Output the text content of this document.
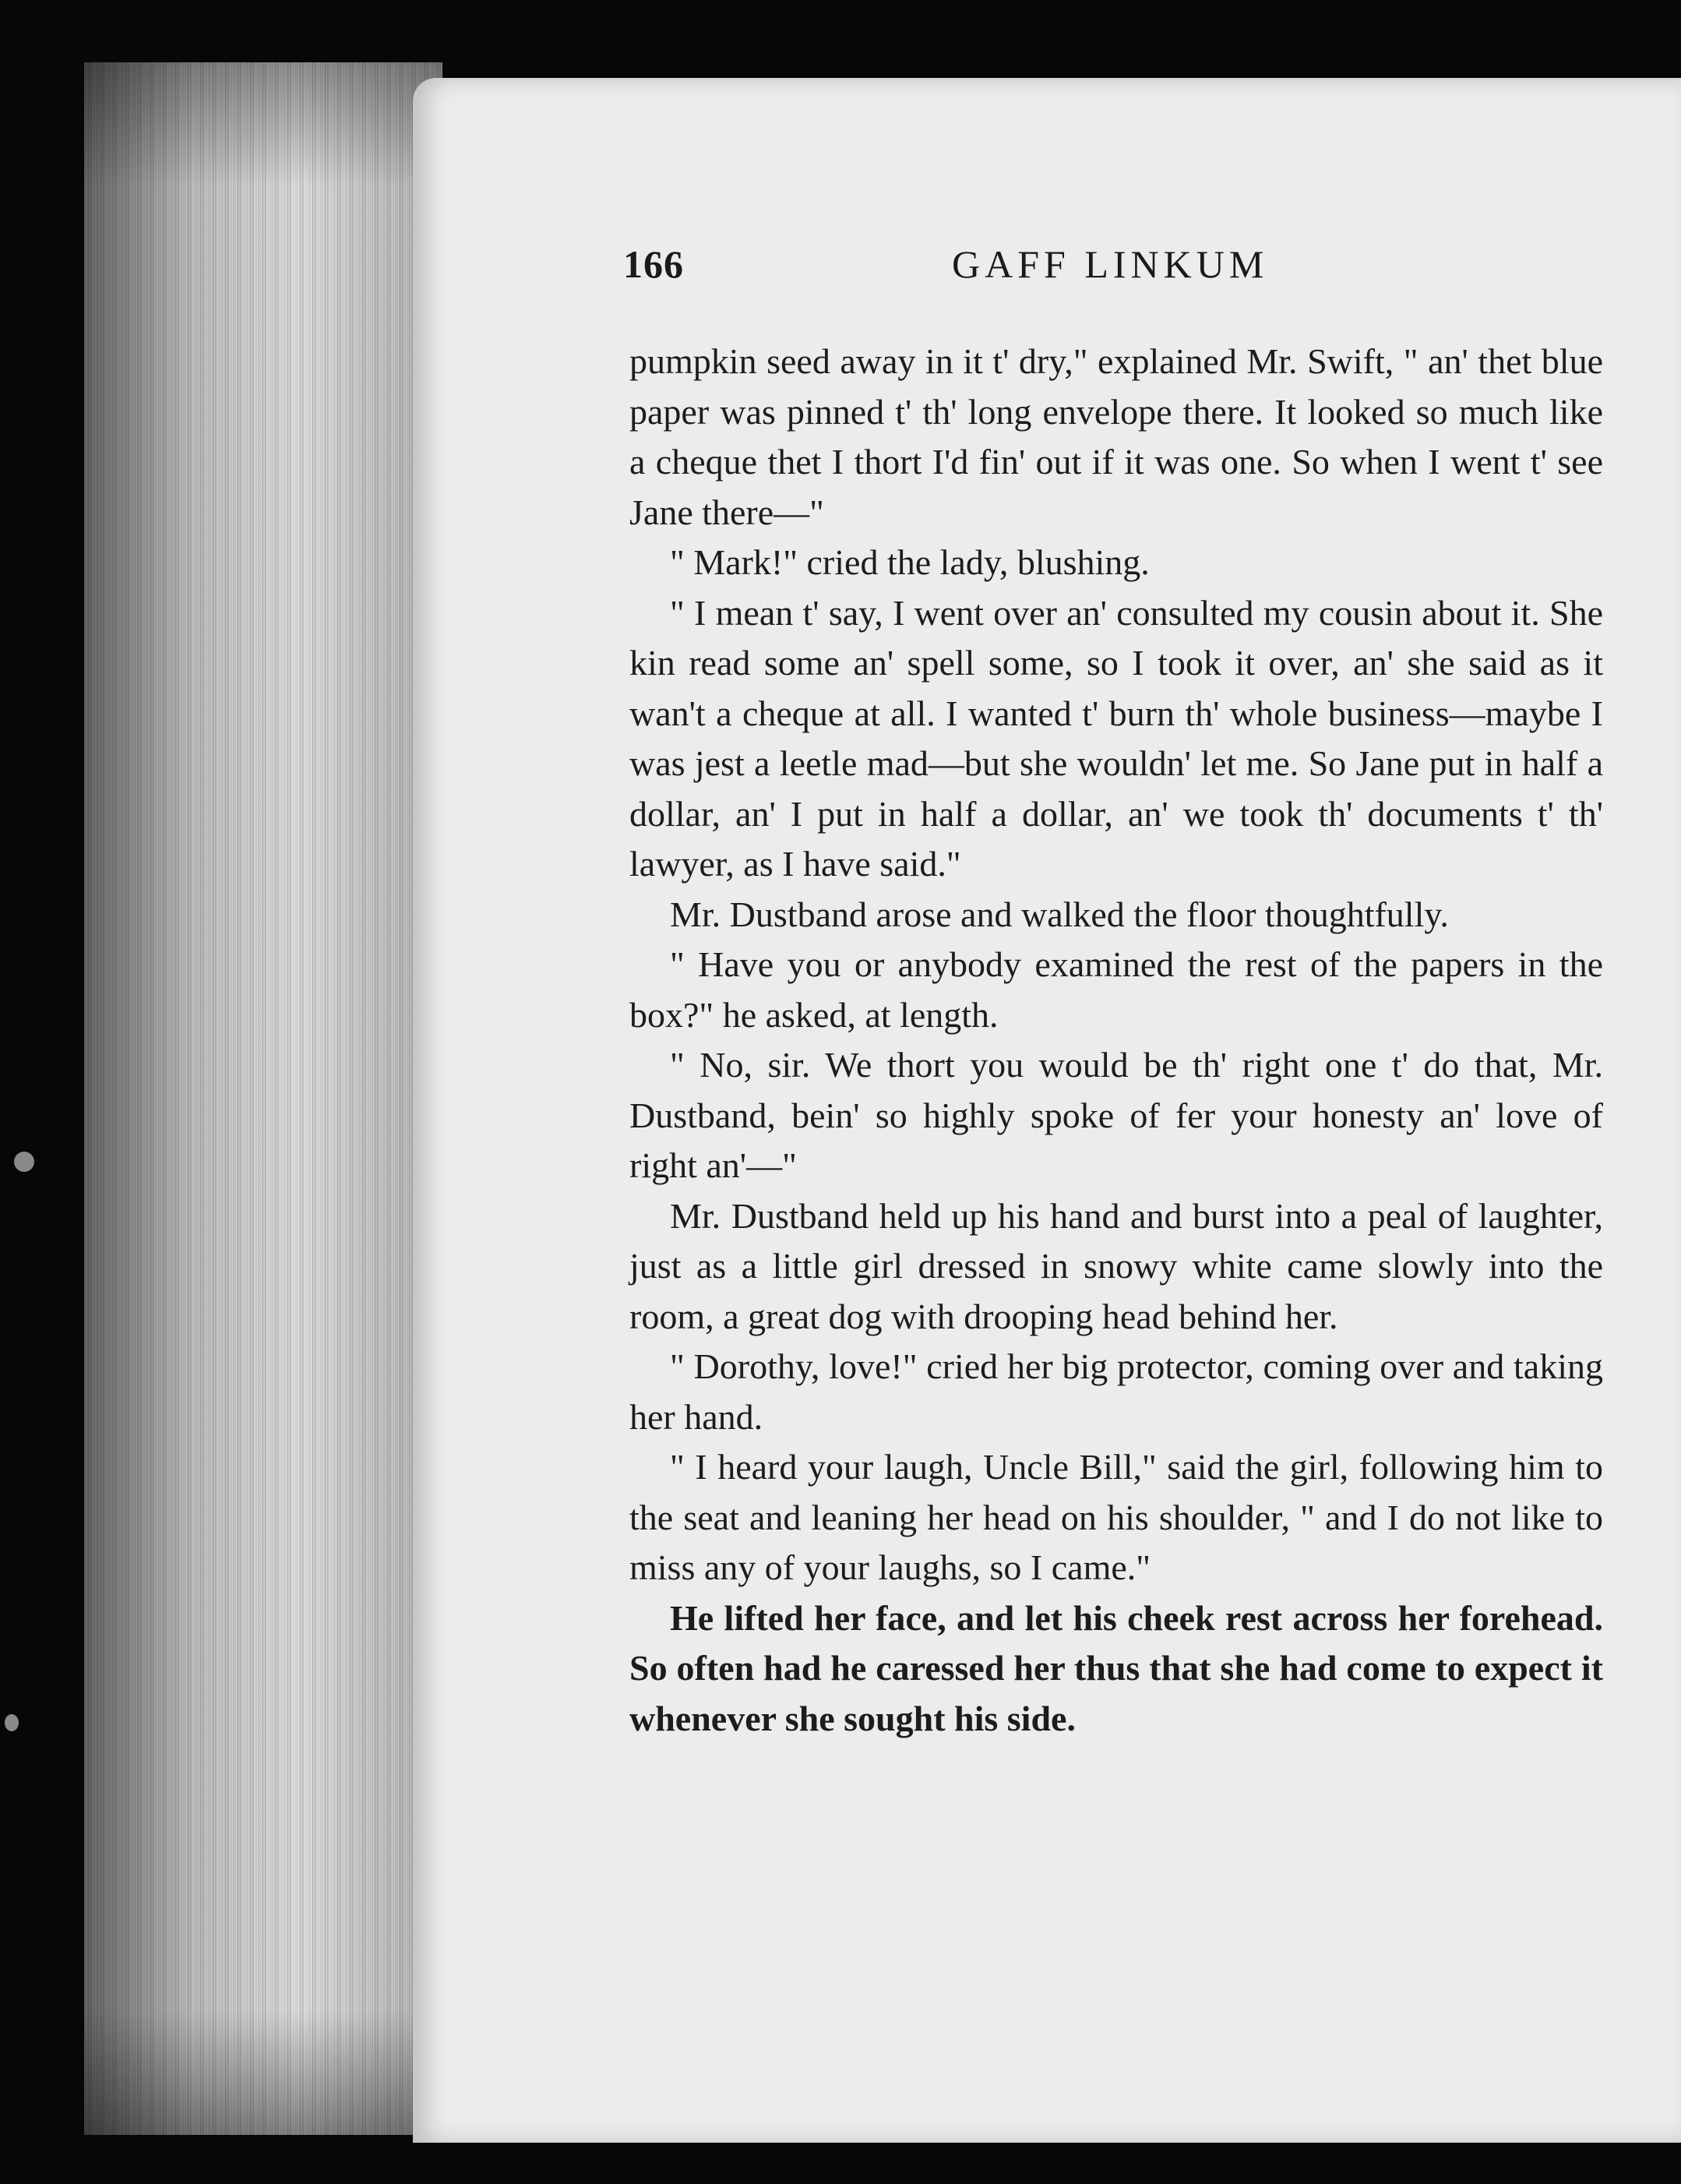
166	GAFF LINKUM

pumpkin seed away in it t' dry," explained Mr. Swift, " an' thet blue paper was pinned t' th' long envelope there. It looked so much like a cheque thet I thort I'd fin' out if it was one. So when I went t' see Jane there—"

" Mark!" cried the lady, blushing.

" I mean t' say, I went over an' consulted my cousin about it. She kin read some an' spell some, so I took it over, an' she said as it wan't a cheque at all. I wanted t' burn th' whole business—maybe I was jest a leetle mad—but she wouldn' let me. So Jane put in half a dollar, an' I put in half a dollar, an' we took th' documents t' th' lawyer, as I have said."

Mr. Dustband arose and walked the floor thoughtfully.

" Have you or anybody examined the rest of the papers in the box?" he asked, at length.

" No, sir. We thort you would be th' right one t' do that, Mr. Dustband, bein' so highly spoke of fer your honesty an' love of right an'—"

Mr. Dustband held up his hand and burst into a peal of laughter, just as a little girl dressed in snowy white came slowly into the room, a great dog with drooping head behind her.

" Dorothy, love!" cried her big protector, coming over and taking her hand.

" I heard your laugh, Uncle Bill," said the girl, following him to the seat and leaning her head on his shoulder, " and I do not like to miss any of your laughs, so I came."

He lifted her face, and let his cheek rest across her forehead. So often had he caressed her thus that she had come to expect it whenever she sought his side.
